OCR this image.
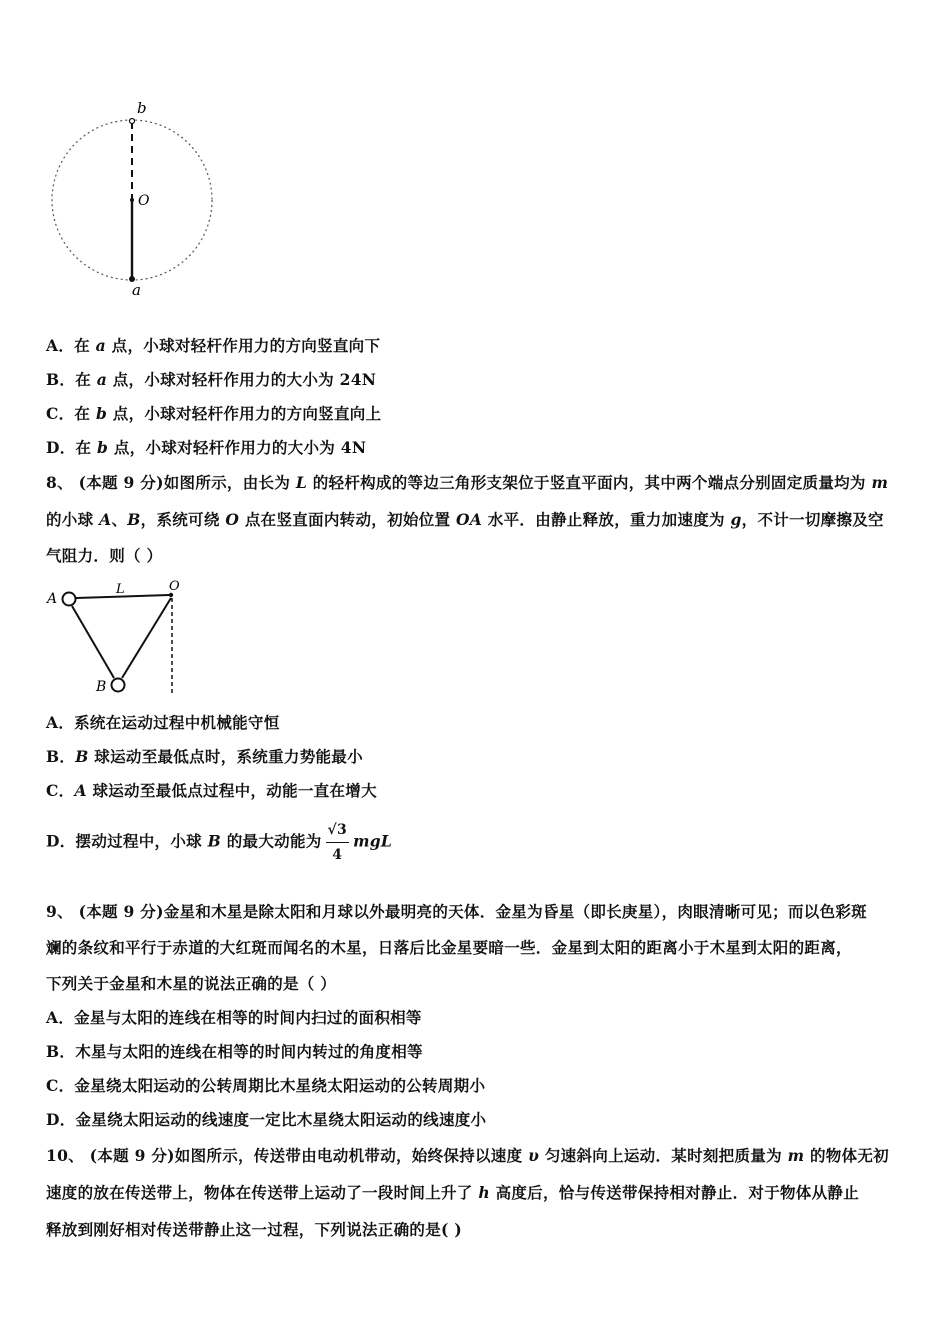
b
O
a
A．在 a 点，小球对轻杆作用力的方向竖直向下
B．在 a 点，小球对轻杆作用力的大小为 24N
C．在 b 点，小球对轻杆作用力的方向竖直向上
D．在 b 点，小球对轻杆作用力的大小为 4N
8、 (本题 9 分)如图所示，由长为 L 的轻杆构成的等边三角形支架位于竖直平面内，其中两个端点分别固定质量均为 m
的小球 A、B，系统可绕 O 点在竖直面内转动，初始位置 OA 水平．由静止释放，重力加速度为 g，不计一切摩擦及空
气阻力．则（ ）
A
L	O
B
A．系统在运动过程中机械能守恒
B．B 球运动至最低点时，系统重力势能最小
C．A 球运动至最低点过程中，动能一直在增大
D．摆动过程中，小球 B 的最大动能为 $\frac{√3}{4}$ mgL
9、 (本题 9 分)金星和木星是除太阳和月球以外最明亮的天体．金星为昏星（即长庚星），肉眼清晰可见；而以色彩斑
斓的条纹和平行于赤道的大红斑而闻名的木星，日落后比金星要暗一些．金星到太阳的距离小于木星到太阳的距离，
下列关于金星和木星的说法正确的是（ ）
A．金星与太阳的连线在相等的时间内扫过的面积相等
B．木星与太阳的连线在相等的时间内转过的角度相等
C．金星绕太阳运动的公转周期比木星绕太阳运动的公转周期小
D．金星绕太阳运动的线速度一定比木星绕太阳运动的线速度小
10、 (本题 9 分)如图所示，传送带由电动机带动，始终保持以速度 υ 匀速斜向上运动．某时刻把质量为 m 的物体无初
速度的放在传送带上，物体在传送带上运动了一段时间上升了 h 高度后，恰与传送带保持相对静止．对于物体从静止
释放到刚好相对传送带静止这一过程，下列说法正确的是( )
